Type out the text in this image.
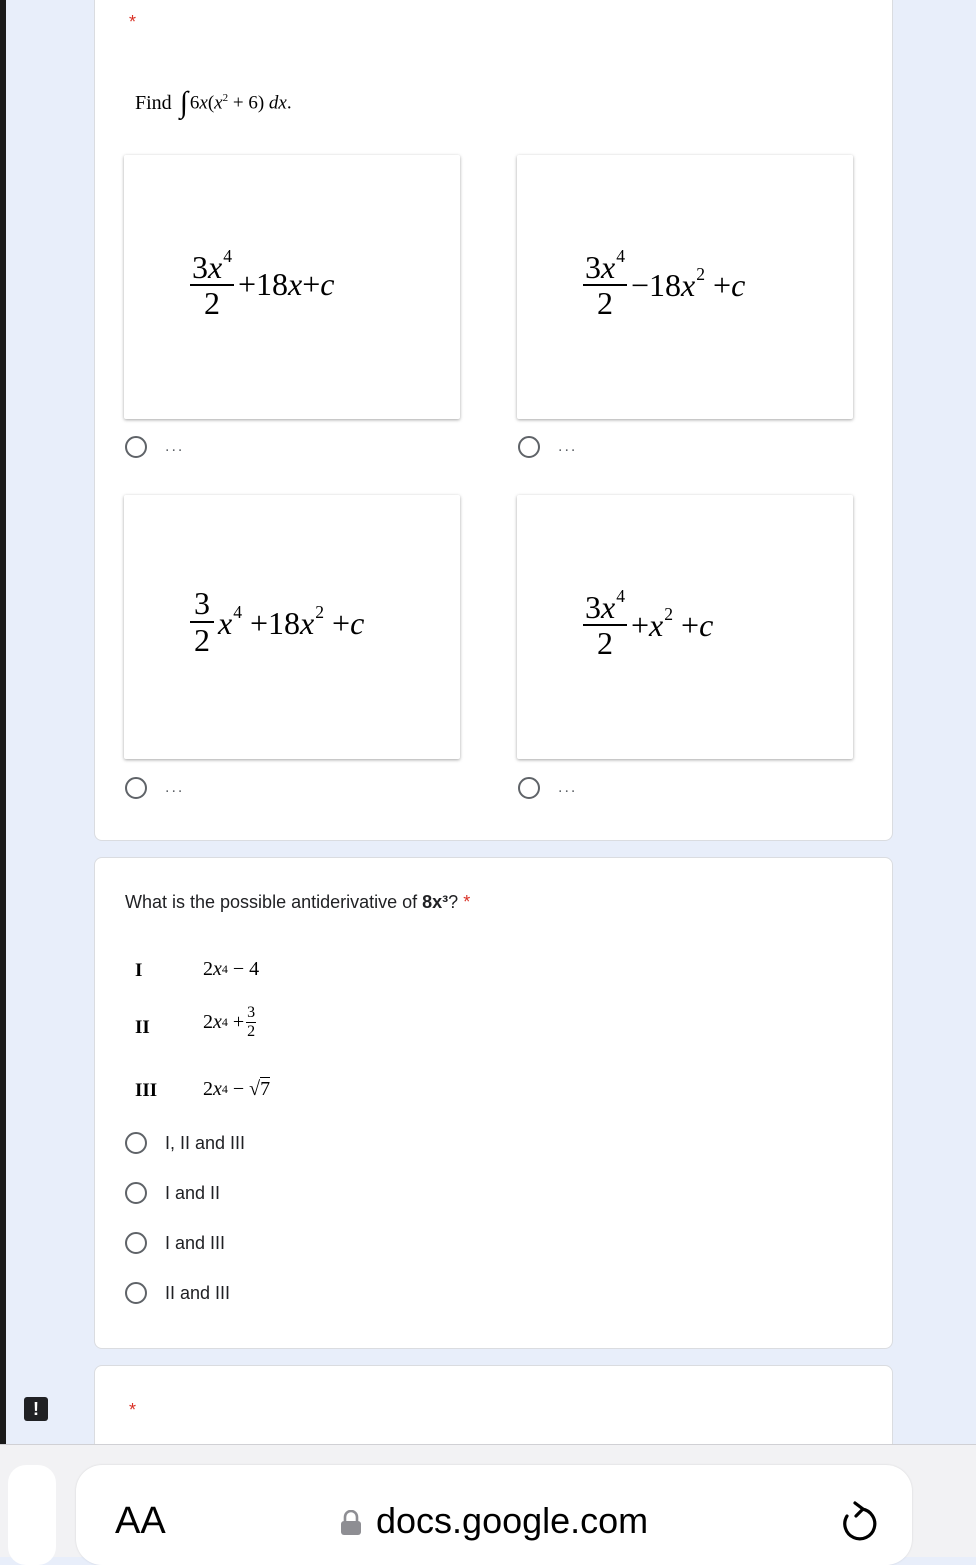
*
Find ∫ $6x(x^2 + 6)$ dx.
$\frac{3x^4}{2} +18x+c$
...
$\frac{3x^4}{2} -18x^2 +c$
...
$\frac{3}{2} x^4 +18x^2 +c$
...
$\frac{3x^4}{2} +x^2 +c$
...
What is the possible antiderivative of 8x³? *
I	2 x 4 − 4
II	2 x $4 + \frac{3}{2}$
III 2 x 4 − √7
I, II and III
I and II
I and III
II and III
*
!
AA	docs.google.com
